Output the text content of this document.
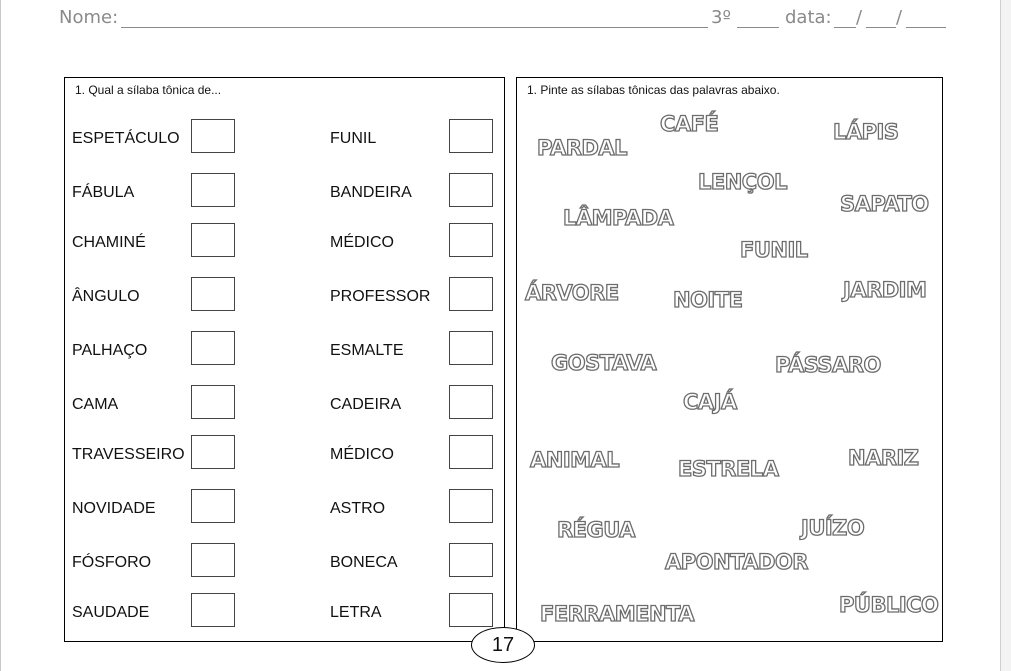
Nome:	3º	data: / /
1. Qual a sílaba tônica de...
ESPETÁCULO	FUNIL
FÁBULA	BANDEIRA
CHAMINÉ	MÉDICO
ÂNGULO	PROFESSOR
PALHAÇO	ESMALTE
CAMA	CADEIRA
TRAVESSEIRO	MÉDICO
NOVIDADE	ASTRO
FÓSFORO	BONECA
SAUDADE	LETRA
1. Pinte as sílabas tônicas das palavras abaixo.
PARDAL
CAFÉ	LÁPIS
LENÇOL
SAPATO
LÂMPADA
FUNIL
ÁRVORE	NOITE	JARDIM
GOSTAVA	PÁSSARO
CAJÁ
ANIMAL	ESTRELA	NARIZ
RÉGUA	JUÍZO
APONTADOR
FERRAMENTA	PÚBLICO
17
